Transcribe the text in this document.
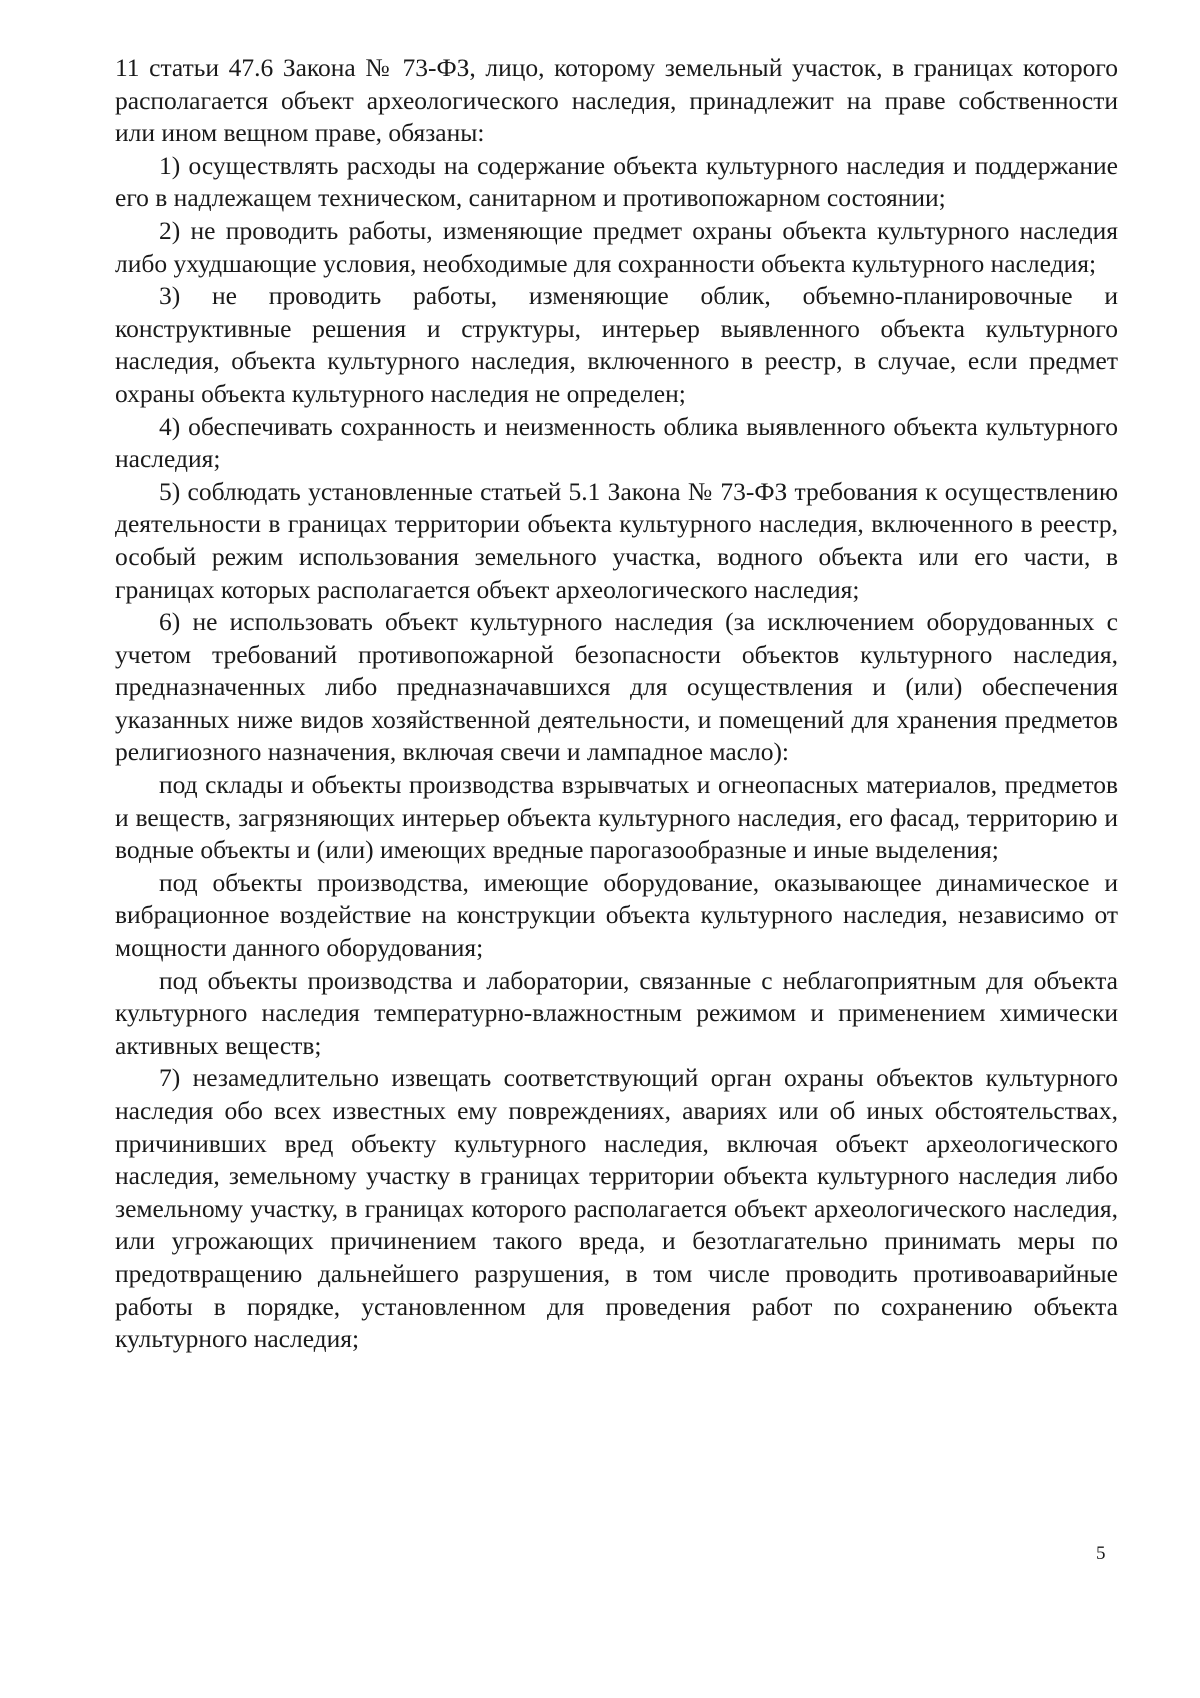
11 статьи 47.6 Закона № 73-ФЗ, лицо, которому земельный участок, в границах которого располагается объект археологического наследия, принадлежит на праве собственности или ином вещном праве, обязаны:

1) осуществлять расходы на содержание объекта культурного наследия и поддержание его в надлежащем техническом, санитарном и противопожарном состоянии;

2) не проводить работы, изменяющие предмет охраны объекта культурного наследия либо ухудшающие условия, необходимые для сохранности объекта культурного наследия;

3) не проводить работы, изменяющие облик, объемно-планировочные и конструктивные решения и структуры, интерьер выявленного объекта культурного наследия, объекта культурного наследия, включенного в реестр, в случае, если предмет охраны объекта культурного наследия не определен;

4) обеспечивать сохранность и неизменность облика выявленного объекта культурного наследия;

5) соблюдать установленные статьей 5.1 Закона № 73-ФЗ требования к осуществлению деятельности в границах территории объекта культурного наследия, включенного в реестр, особый режим использования земельного участка, водного объекта или его части, в границах которых располагается объект археологического наследия;

6) не использовать объект культурного наследия (за исключением оборудованных с учетом требований противопожарной безопасности объектов культурного наследия, предназначенных либо предназначавшихся для осуществления и (или) обеспечения указанных ниже видов хозяйственной деятельности, и помещений для хранения предметов религиозного назначения, включая свечи и лампадное масло):

под склады и объекты производства взрывчатых и огнеопасных материалов, предметов и веществ, загрязняющих интерьер объекта культурного наследия, его фасад, территорию и водные объекты и (или) имеющих вредные парогазообразные и иные выделения;

под объекты производства, имеющие оборудование, оказывающее динамическое и вибрационное воздействие на конструкции объекта культурного наследия, независимо от мощности данного оборудования;

под объекты производства и лаборатории, связанные с неблагоприятным для объекта культурного наследия температурно-влажностным режимом и применением химически активных веществ;

7) незамедлительно извещать соответствующий орган охраны объектов культурного наследия обо всех известных ему повреждениях, авариях или об иных обстоятельствах, причинивших вред объекту культурного наследия, включая объект археологического наследия, земельному участку в границах территории объекта культурного наследия либо земельному участку, в границах которого располагается объект археологического наследия, или угрожающих причинением такого вреда, и безотлагательно принимать меры по предотвращению дальнейшего разрушения, в том числе проводить противоаварийные работы в порядке, установленном для проведения работ по сохранению объекта культурного наследия;

5
